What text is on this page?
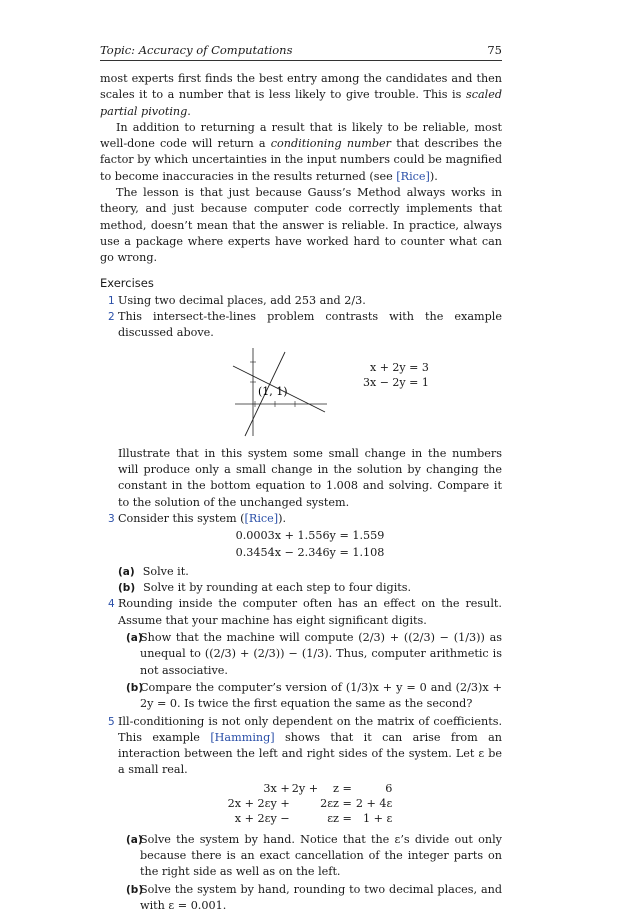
Topic: Accuracy of Computations	75

most experts first finds the best entry among the candidates and then scales it to a number that is less likely to give trouble. This is scaled partial pivoting.

In addition to returning a result that is likely to be reliable, most well-done code will return a conditioning number that describes the factor by which uncertainties in the input numbers could be magnified to become inaccuracies in the results returned (see [Rice]).

The lesson is that just because Gauss’s Method always works in theory, and just because computer code correctly implements that method, doesn’t mean that the answer is reliable. In practice, always use a package where experts have worked hard to counter what can go wrong.

Exercises
1 Using two decimal places, add 253 and 2/3.
2 This intersect-the-lines problem contrasts with the example discussed above.
(1, 1)
x + 2y = 3
3x − 2y = 1
Illustrate that in this system some small change in the numbers will produce only a small change in the solution by changing the constant in the bottom equation to 1.008 and solving. Compare it to the solution of the unchanged system.
3 Consider this system ([Rice]).
0.0003x + 1.556y = 1.559
0.3454x − 2.346y = 1.108
(a) Solve it.(b) Solve it by rounding at each step to four digits.
4 Rounding inside the computer often has an effect on the result. Assume that your machine has eight significant digits.
(a)
Show that the machine will compute (2/3) + ((2/3) − (1/3)) as unequal to ((2/3) + (2/3)) − (1/3). Thus, computer arithmetic is not associative.
(b)
Compare the computer’s version of (1/3)x + y = 0 and (2/3)x + 2y = 0. Is twice the first equation the same as the second?
5 Ill-conditioning is not only dependent on the matrix of coefficients. This example [Hamming] shows that it can arise from an interaction between the left and right sides of the system. Let ε be a small real.
3x + 2y +	z =	6
2x + 2εy +	2εz = 2 + 4ε
x + 2εy −	εz = 1 + ε
(a)
Solve the system by hand. Notice that the ε’s divide out only because there is an exact cancellation of the integer parts on the right side as well as on the left.
(b)
Solve the system by hand, rounding to two decimal places, and with ε = 0.001.
